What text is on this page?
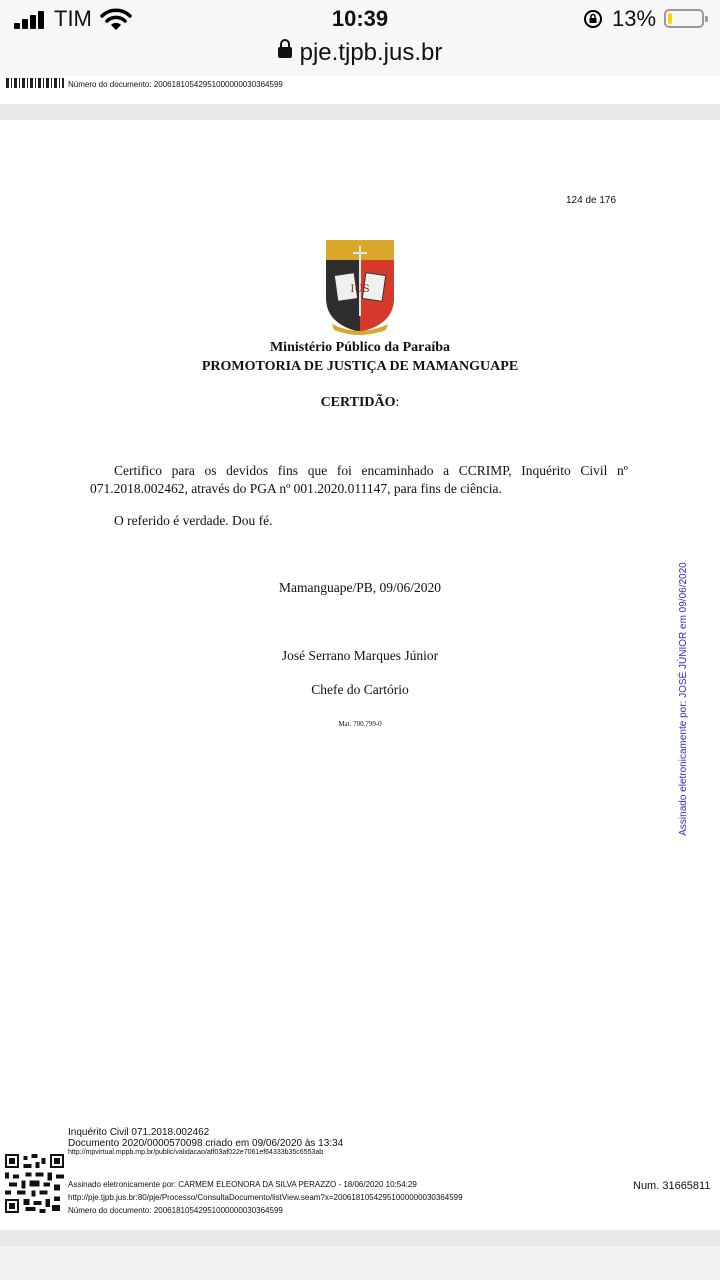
TIM	10:39	13%
pje.tjpb.jus.br
Número do documento: 20061810542951000000030364599
124 de 176
IUS
Ministério Público da Paraíba
PROMOTORIA DE JUSTIÇA DE MAMANGUAPE
CERTIDÃO:
Certifico para os devidos fins que foi encaminhado a CCRIMP, Inquérito Civil nº 071.2018.002462, através do PGA nº 001.2020.011147, para fins de ciência.
O referido é verdade. Dou fé.
Mamanguape/PB, 09/06/2020
José Serrano Marques Júnior
Chefe do Cartório
Mat. 700.799-0	Assinado eletronicamente por: JOSÉ JÚNIOR em 09/06/2020
Inquérito Civil 071.2018.002462
Documento 2020/0000570098 criado em 09/06/2020 às 13:34
http://mpvirtual.mppb.mp.br/public/validacao/aff03af022e7061ef64333b35c6553ab
Assinado eletronicamente por: CARMEM ELEONORA DA SILVA PERAZZO - 18/06/2020 10:54:29
http://pje.tjpb.jus.br:80/pje/Processo/ConsultaDocumento/listView.seam?x=20061810542951000000030364599
Número do documento: 20061810542951000000030364599
Num. 31665811
